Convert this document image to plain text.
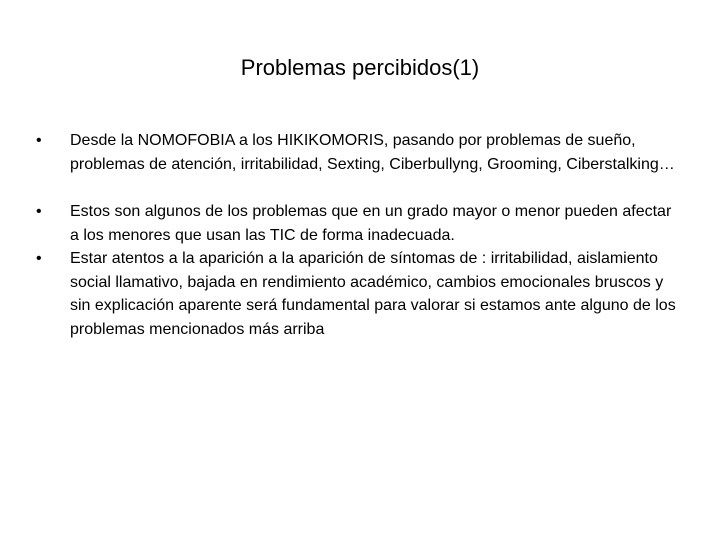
Problemas percibidos(1)
• Desde la NOMOFOBIA a los HIKIKOMORIS, pasando por problemas de sueño, problemas de atención, irritabilidad, Sexting, Ciberbullyng, Grooming, Ciberstalking…
• Estos son algunos de los problemas que en un grado mayor o menor pueden afectar a los menores que usan las TIC de forma inadecuada.
• Estar atentos a la aparición a la aparición de síntomas de : irritabilidad, aislamiento social llamativo, bajada en rendimiento académico, cambios emocionales bruscos y sin explicación aparente será fundamental para valorar si estamos ante alguno de los problemas mencionados más arriba
